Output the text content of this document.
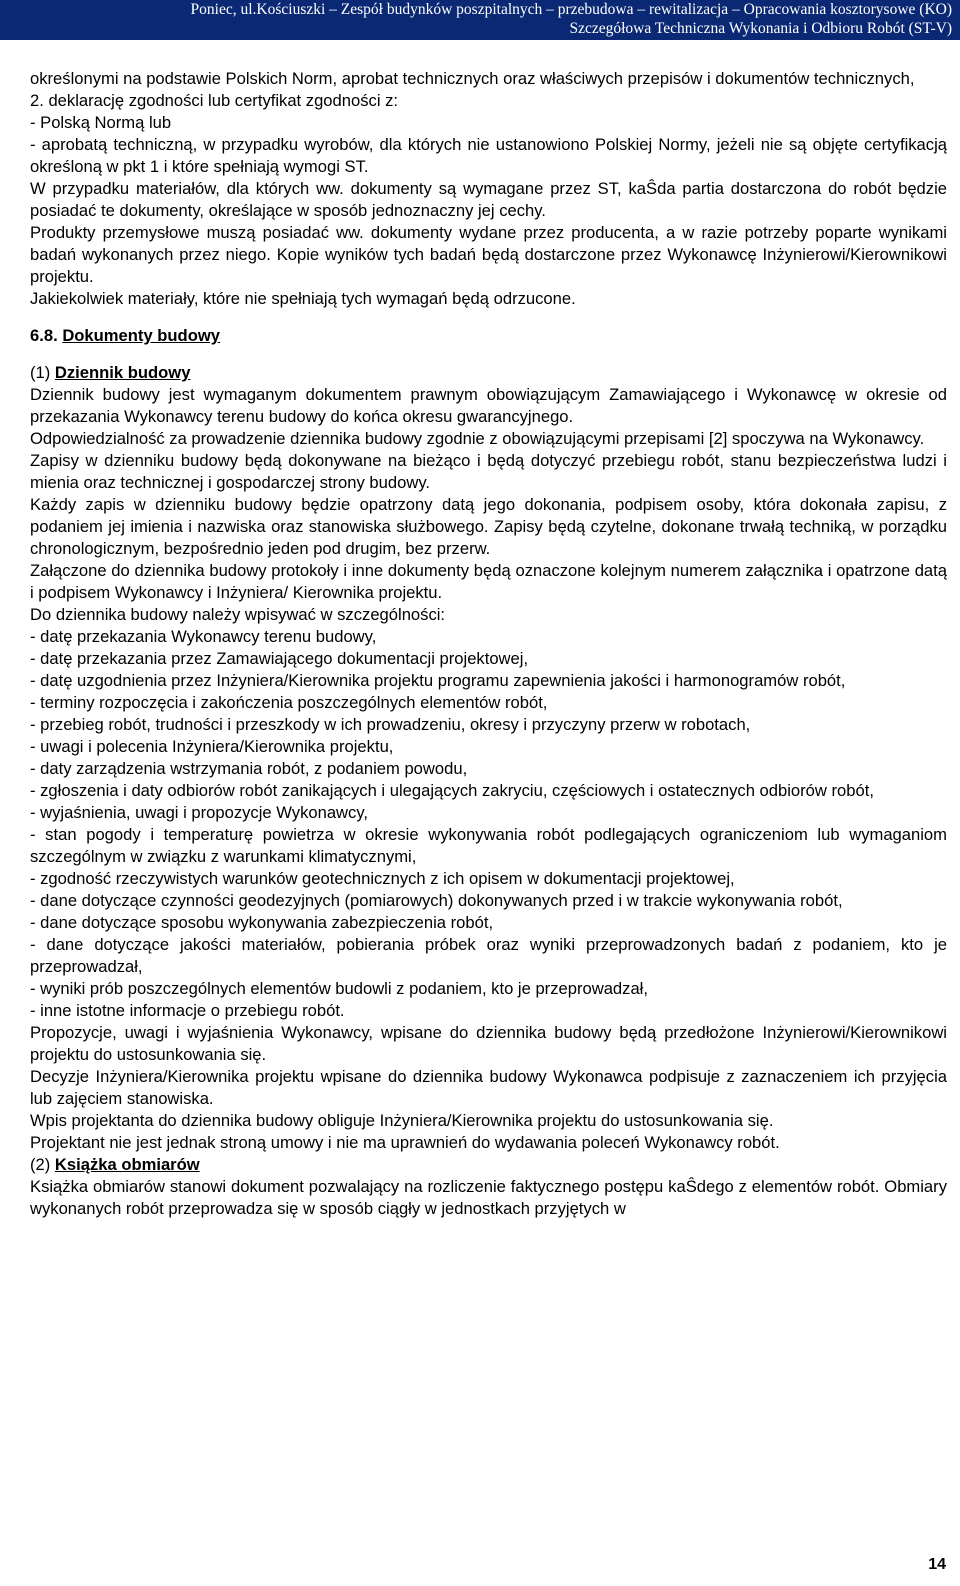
Poniec, ul.Kościuszki – Zespół budynków poszpitalnych – przebudowa – rewitalizacja – Opracowania kosztorysowe (KO)
Szczegółowa Techniczna Wykonania i Odbioru Robót (ST-V)

określonymi na podstawie Polskich Norm, aprobat technicznych oraz właściwych przepisów i dokumentów technicznych,

2. deklarację zgodności lub certyfikat zgodności z:

- Polską Normą lub

- aprobatą techniczną, w przypadku wyrobów, dla których nie ustanowiono Polskiej Normy, jeżeli nie są objęte certyfikacją określoną w pkt 1 i które spełniają wymogi ST.

W przypadku materiałów, dla których ww. dokumenty są wymagane przez ST, kaŜda partia dostarczona do robót będzie posiadać te dokumenty, określające w sposób jednoznaczny jej cechy.

Produkty przemysłowe muszą posiadać ww. dokumenty wydane przez producenta, a w razie potrzeby poparte wynikami badań wykonanych przez niego. Kopie wyników tych badań będą dostarczone przez Wykonawcę Inżynierowi/Kierownikowi projektu.

Jakiekolwiek materiały, które nie spełniają tych wymagań będą odrzucone.

6.8. Dokumenty budowy

(1) Dziennik budowy

Dziennik budowy jest wymaganym dokumentem prawnym obowiązującym Zamawiającego i Wykonawcę w okresie od przekazania Wykonawcy terenu budowy do końca okresu gwarancyjnego.

Odpowiedzialność za prowadzenie dziennika budowy zgodnie z obowiązującymi przepisami [2] spoczywa na Wykonawcy.

Zapisy w dzienniku budowy będą dokonywane na bieżąco i będą dotyczyć przebiegu robót, stanu bezpieczeństwa ludzi i mienia oraz technicznej i gospodarczej strony budowy.

Każdy zapis w dzienniku budowy będzie opatrzony datą jego dokonania, podpisem osoby, która dokonała zapisu, z podaniem jej imienia i nazwiska oraz stanowiska służbowego. Zapisy będą czytelne, dokonane trwałą techniką, w porządku chronologicznym, bezpośrednio jeden pod drugim, bez przerw.

Załączone do dziennika budowy protokoły i inne dokumenty będą oznaczone kolejnym numerem załącznika i opatrzone datą i podpisem Wykonawcy i Inżyniera/ Kierownika projektu.

Do dziennika budowy należy wpisywać w szczególności:

- datę przekazania Wykonawcy terenu budowy,

- datę przekazania przez Zamawiającego dokumentacji projektowej,

- datę uzgodnienia przez Inżyniera/Kierownika projektu programu zapewnienia jakości i harmonogramów robót,

- terminy rozpoczęcia i zakończenia poszczególnych elementów robót,

- przebieg robót, trudności i przeszkody w ich prowadzeniu, okresy i przyczyny przerw w robotach,

- uwagi i polecenia Inżyniera/Kierownika projektu,

- daty zarządzenia wstrzymania robót, z podaniem powodu,

- zgłoszenia i daty odbiorów robót zanikających i ulegających zakryciu, częściowych i ostatecznych odbiorów robót,

- wyjaśnienia, uwagi i propozycje Wykonawcy,

- stan pogody i temperaturę powietrza w okresie wykonywania robót podlegających ograniczeniom lub wymaganiom szczególnym w związku z warunkami klimatycznymi,

- zgodność rzeczywistych warunków geotechnicznych z ich opisem w dokumentacji projektowej,

- dane dotyczące czynności geodezyjnych (pomiarowych) dokonywanych przed i w trakcie wykonywania robót,

- dane dotyczące sposobu wykonywania zabezpieczenia robót,

- dane dotyczące jakości materiałów, pobierania próbek oraz wyniki przeprowadzonych badań z podaniem, kto je przeprowadzał,

- wyniki prób poszczególnych elementów budowli z podaniem, kto je przeprowadzał,

- inne istotne informacje o przebiegu robót.

Propozycje, uwagi i wyjaśnienia Wykonawcy, wpisane do dziennika budowy będą przedłożone Inżynierowi/Kierownikowi projektu do ustosunkowania się.

Decyzje Inżyniera/Kierownika projektu wpisane do dziennika budowy Wykonawca podpisuje z zaznaczeniem ich przyjęcia lub zajęciem stanowiska.

Wpis projektanta do dziennika budowy obliguje Inżyniera/Kierownika projektu do ustosunkowania się.

Projektant nie jest jednak stroną umowy i nie ma uprawnień do wydawania poleceń Wykonawcy robót.

(2) Książka obmiarów

Książka obmiarów stanowi dokument pozwalający na rozliczenie faktycznego postępu kaŜdego z elementów robót. Obmiary wykonanych robót przeprowadza się w sposób ciągły w jednostkach przyjętych w

14
